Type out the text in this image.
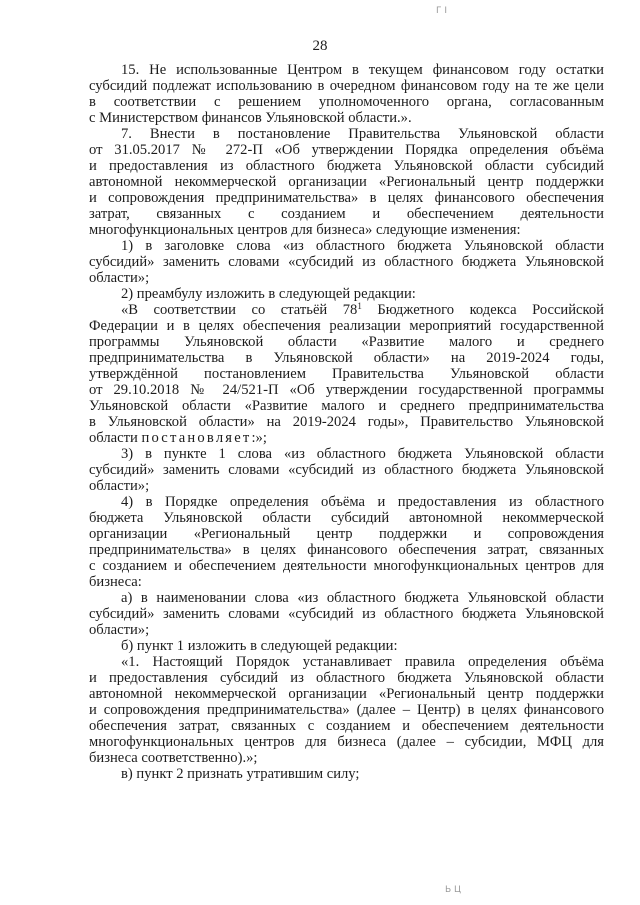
Г І
28
15. Не использованные Центром в текущем финансовом году остатки
субсидий подлежат использованию в очередном финансовом году на те же цели
в соответствии с решением уполномоченного органа, согласованным
с Министерством финансов Ульяновской области.».
7. Внести в постановление Правительства Ульяновской области
от 31.05.2017 № 272-П «Об утверждении Порядка определения объёма
и предоставления из областного бюджета Ульяновской области субсидий
автономной некоммерческой организации «Региональный центр поддержки
и сопровождения предпринимательства» в целях финансового обеспечения
затрат, связанных с созданием и обеспечением деятельности
многофункциональных центров для бизнеса» следующие изменения:
1) в заголовке слова «из областного бюджета Ульяновской области
субсидий» заменить словами «субсидий из областного бюджета Ульяновской
области»;
2) преамбулу изложить в следующей редакции:
«В соответствии со статьёй $78^1$ Бюджетного кодекса Российской
Федерации и в целях обеспечения реализации мероприятий государственной
программы Ульяновской области «Развитие малого и среднего
предпринимательства в Ульяновской области» на 2019-2024 годы,
утверждённой постановлением Правительства Ульяновской области
от 29.10.2018 № 24/521-П «Об утверждении государственной программы
Ульяновской области «Развитие малого и среднего предпринимательства
в Ульяновской области» на 2019-2024 годы», Правительство Ульяновской
области постановляет:»;
3) в пункте 1 слова «из областного бюджета Ульяновской области
субсидий» заменить словами «субсидий из областного бюджета Ульяновской
области»;
4) в Порядке определения объёма и предоставления из областного
бюджета Ульяновской области субсидий автономной некоммерческой
организации «Региональный центр поддержки и сопровождения
предпринимательства» в целях финансового обеспечения затрат, связанных
с созданием и обеспечением деятельности многофункциональных центров для
бизнеса:
а) в наименовании слова «из областного бюджета Ульяновской области
субсидий» заменить словами «субсидий из областного бюджета Ульяновской
области»;
б) пункт 1 изложить в следующей редакции:
«1. Настоящий Порядок устанавливает правила определения объёма
и предоставления субсидий из областного бюджета Ульяновской области
автономной некоммерческой организации «Региональный центр поддержки
и сопровождения предпринимательства» (далее – Центр) в целях финансового
обеспечения затрат, связанных с созданием и обеспечением деятельности
многофункциональных центров для бизнеса (далее – субсидии, МФЦ для
бизнеса соответственно).»;
в) пункт 2 признать утратившим силу;
Ь Ц
